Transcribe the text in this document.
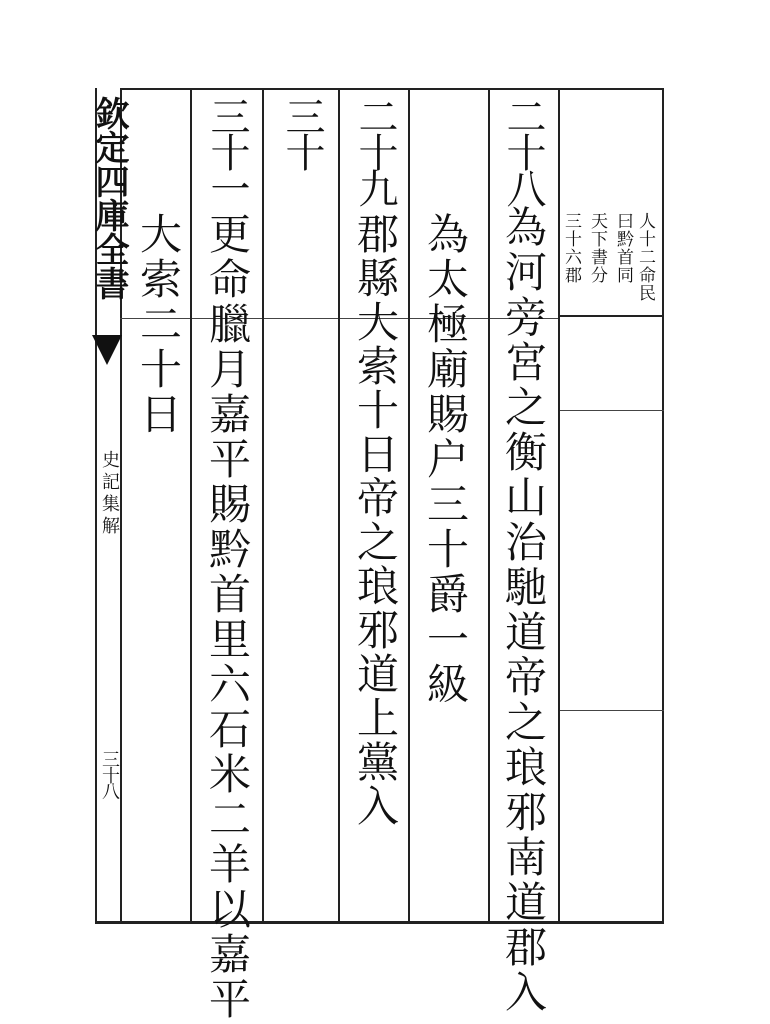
欽定四庫全書
史記集解
三十八
二十八
為河旁宮之衡山治馳道帝之琅邪南道郡入	人十二命民
曰黔首同
天下書分
三十六郡
為太極廟賜户三十爵一級
二十九
郡縣大索十日帝之琅邪道上黨入
三十
三十一
更命臘月嘉平賜黔首里六石米二羊以嘉平
大索二十日
